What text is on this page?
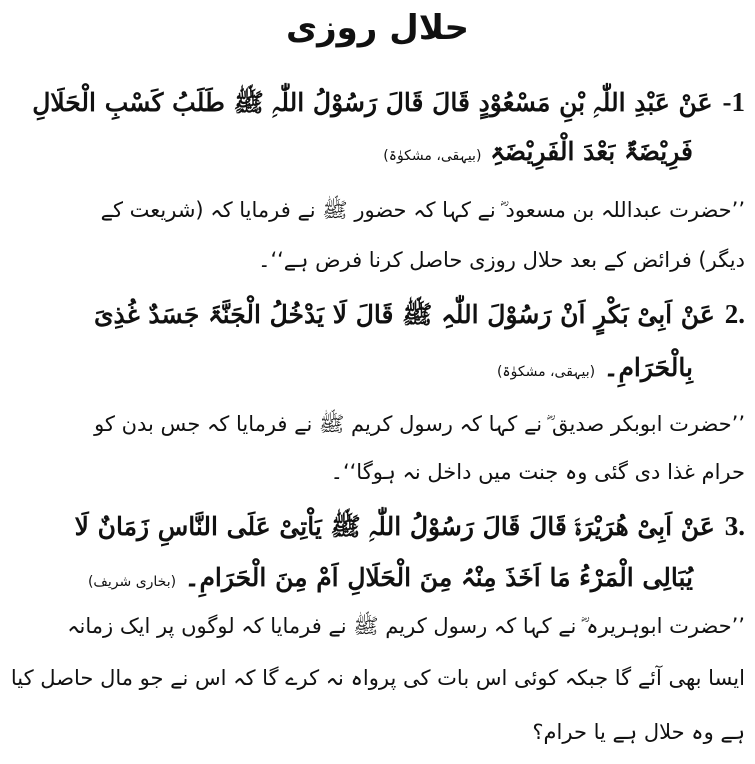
حلال روزی
-1عَنْ عَبْدِ اللّٰہِ بْنِ مَسْعُوْدٍ قَالَ قَالَ رَسُوْلُ اللّٰہِ ﷺ طَلَبُ کَسْبِ الْحَلَالِ
فَرِیْضَۃٌ بَعْدَ الْفَرِیْضَۃِ (بیہقی، مشکوٰۃ)
’’حضرت عبداللہ بن مسعود ؓ نے کہا کہ حضور ﷺ نے فرمایا کہ (شریعت کے
دیگر) فرائض کے بعد حلال روزی حاصل کرنا فرض ہے‘‘۔
2.عَنْ اَبِیْ بَکْرٍ اَنْ رَسُوْلَ اللّٰہِ ﷺ قَالَ لَا یَدْخُلُ الْجَنَّۃَ جَسَدٌ غُذِیَ
بِالْحَرَامِ۔ (بیہقی، مشکوٰۃ)
’’حضرت ابوبکر صدیق ؓ نے کہا کہ رسول کریم ﷺ نے فرمایا کہ جس بدن کو
حرام غذا دی گئی وہ جنت میں داخل نہ ہوگا‘‘۔
3.عَنْ اَبِیْ ھُرَیْرَۃَ قَالَ قَالَ رَسُوْلُ اللّٰہِ ﷺ یَاْتِیْ عَلَی النَّاسِ زَمَانٌ لَا
یُبَالِی الْمَرْءُ مَا اَخَذَ مِنْہُ مِنَ الْحَلَالِ اَمْ مِنَ الْحَرَامِ۔ (بخاری شریف)
’’حضرت ابوہریرہ ؓ نے کہا کہ رسول کریم ﷺ نے فرمایا کہ لوگوں پر ایک زمانہ
ایسا بھی آئے گا جبکہ کوئی اس بات کی پرواہ نہ کرے گا کہ اس نے جو مال حاصل کیا
ہے وہ حلال ہے یا حرام؟
